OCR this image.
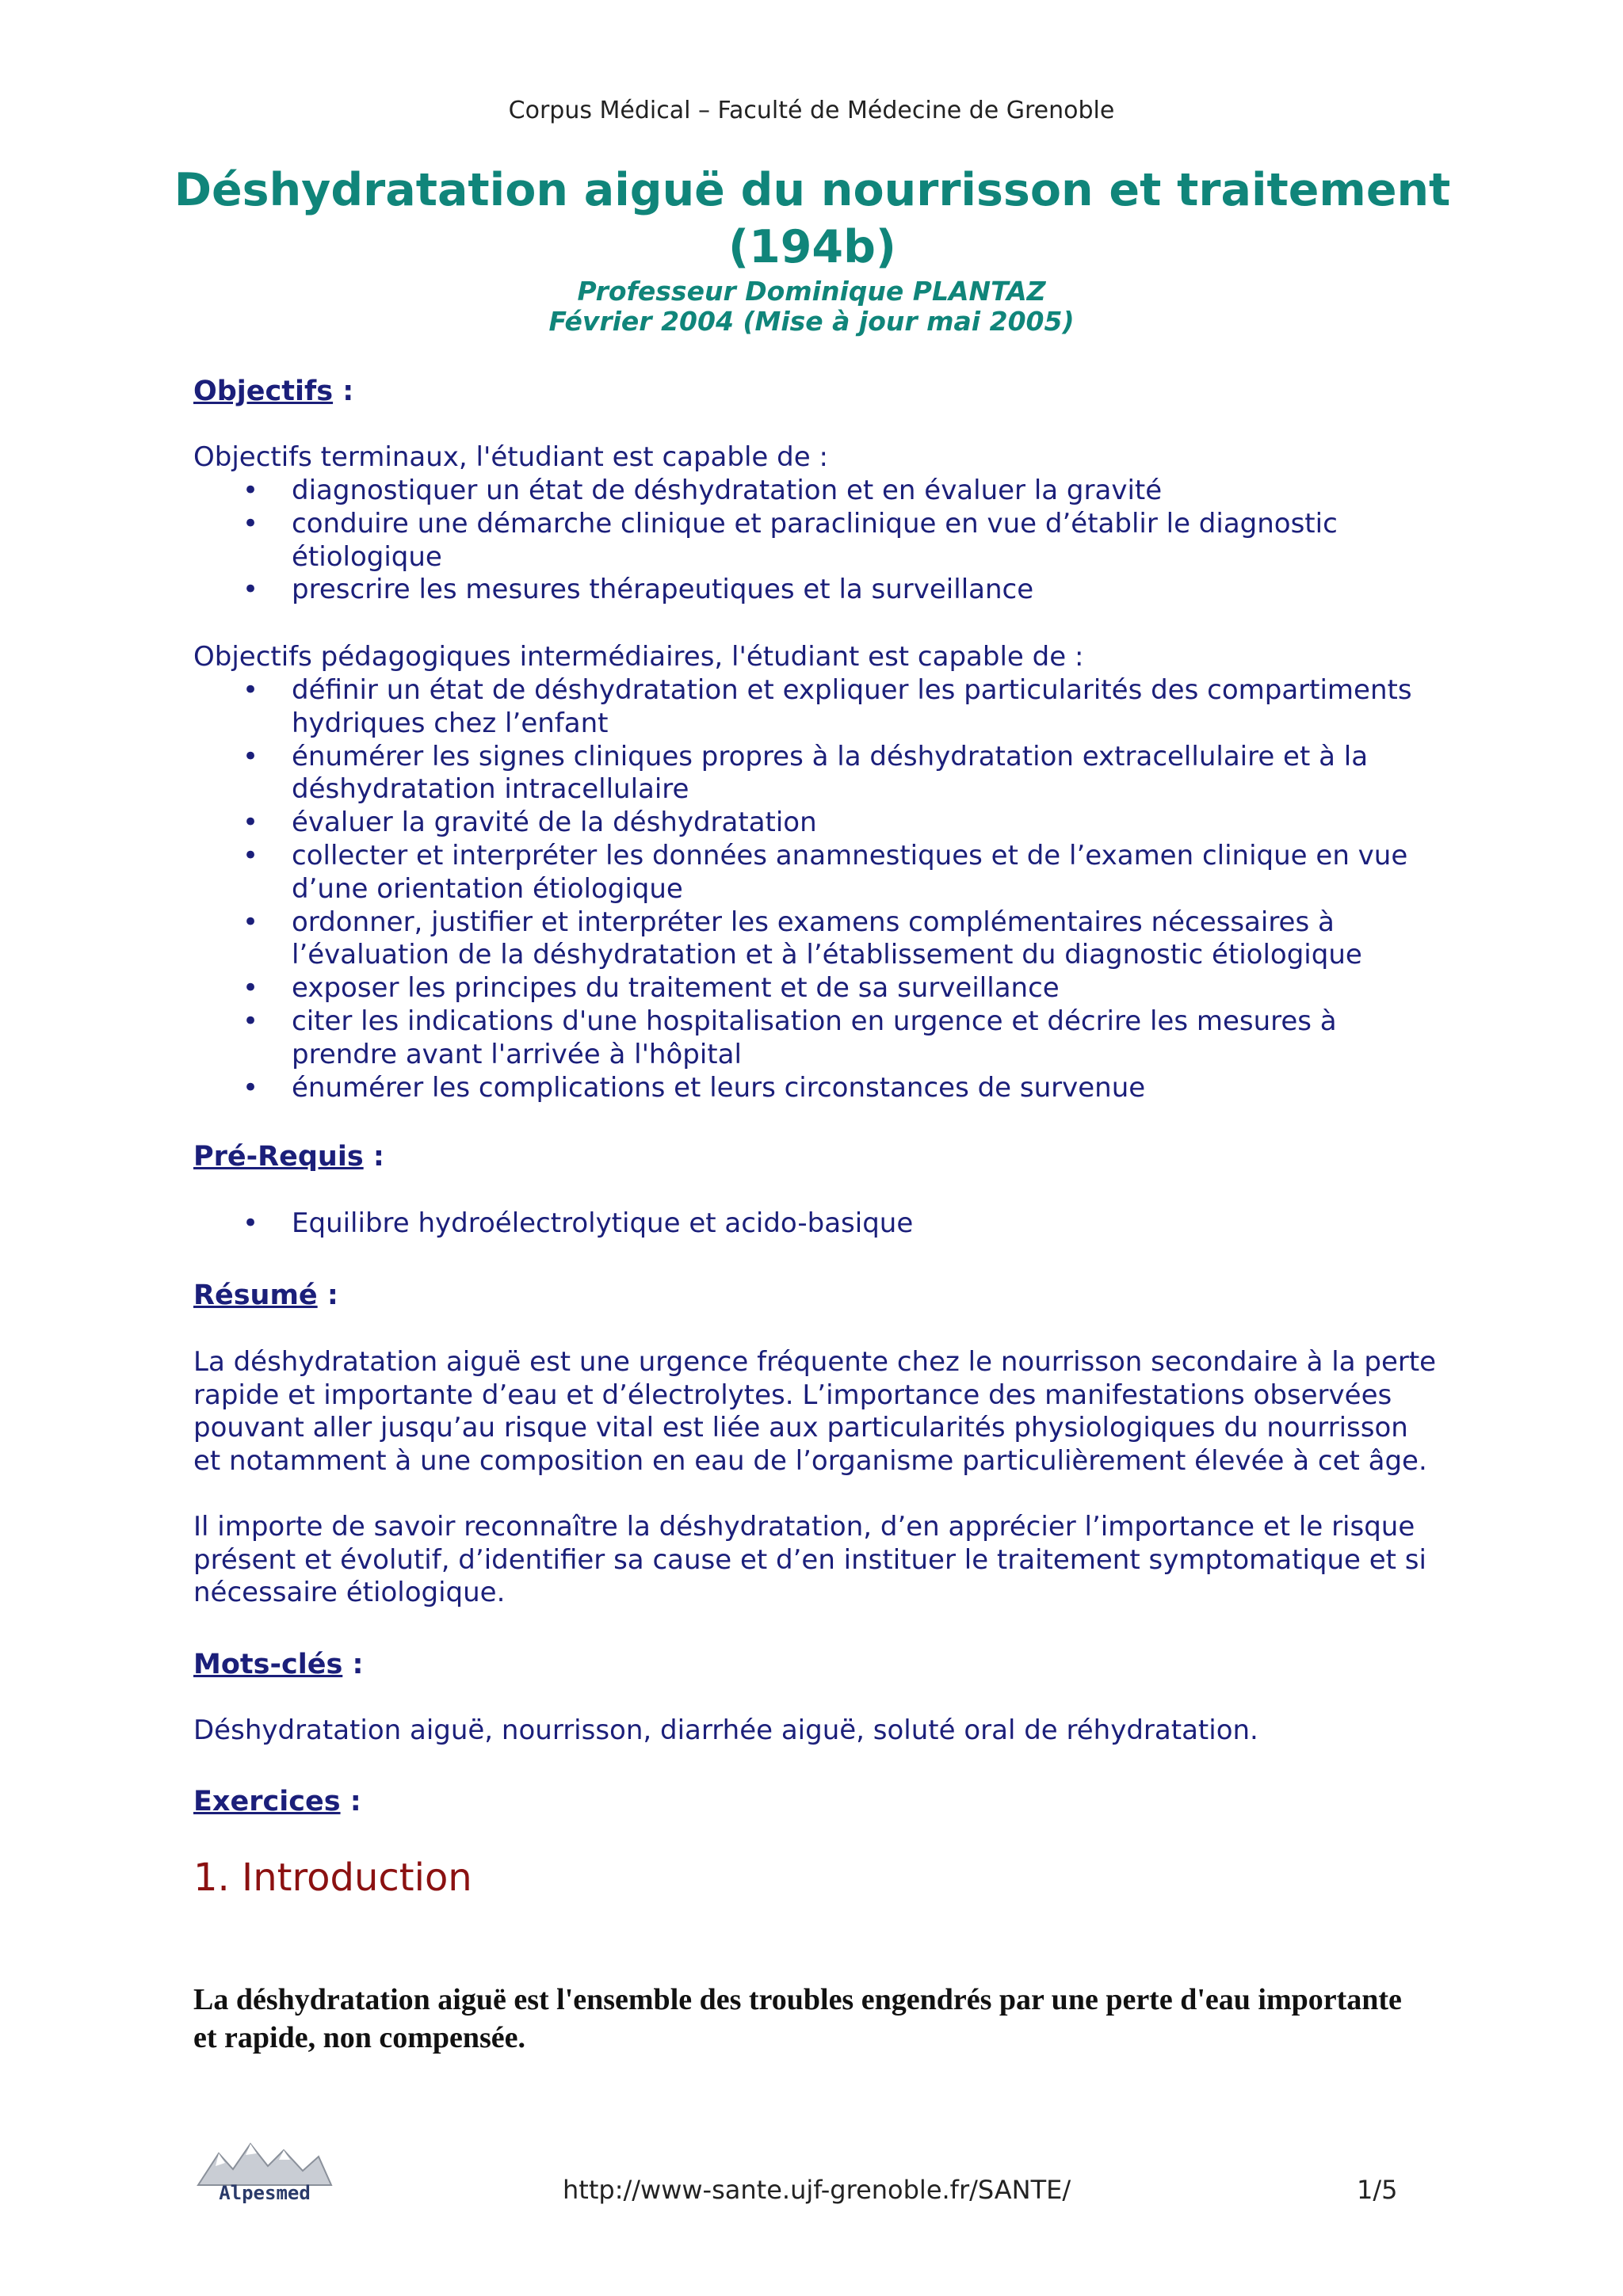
Corpus Médical – Faculté de Médecine de Grenoble
Déshydratation aiguë du nourrisson et traitement
(194b)
Professeur Dominique PLANTAZ
Février 2004 (Mise à jour mai 2005)
Objectifs :
Objectifs terminaux, l'étudiant est capable de :
• diagnostiquer un état de déshydratation et en évaluer la gravité
• conduire une démarche clinique et paraclinique en vue d’établir le diagnostic étiologique
• prescrire les mesures thérapeutiques et la surveillance
Objectifs pédagogiques intermédiaires, l'étudiant est capable de :
• définir un état de déshydratation et expliquer les particularités des compartiments hydriques chez l’enfant
• énumérer les signes cliniques propres à la déshydratation extracellulaire et à la déshydratation intracellulaire
• évaluer la gravité de la déshydratation
• collecter et interpréter les données anamnestiques et de l’examen clinique en vue d’une orientation étiologique
• ordonner, justifier et interpréter les examens complémentaires nécessaires à l’évaluation de la déshydratation et à l’établissement du diagnostic étiologique
• exposer les principes du traitement et de sa surveillance
• citer les indications d'une hospitalisation en urgence et décrire les mesures à prendre avant l'arrivée à l'hôpital
• énumérer les complications et leurs circonstances de survenue
Pré-Requis :
• Equilibre hydroélectrolytique et acido-basique
Résumé :
La déshydratation aiguë est une urgence fréquente chez le nourrisson secondaire à la perte rapide et importante d’eau et d’électrolytes. L’importance des manifestations observées pouvant aller jusqu’au risque vital est liée aux particularités physiologiques du nourrisson et notamment à une composition en eau de l’organisme particulièrement élevée à cet âge.
Il importe de savoir reconnaître la déshydratation, d’en apprécier l’importance et le risque présent et évolutif, d’identifier sa cause et d’en instituer le traitement symptomatique et si nécessaire étiologique.
Mots-clés :
Déshydratation aiguë, nourrisson, diarrhée aiguë, soluté oral de réhydratation.
Exercices :
1. Introduction

La déshydratation aiguë est l'ensemble des troubles engendrés par une perte d'eau importante et rapide, non compensée.

Alpesmed	http://www-sante.ujf-grenoble.fr/SANTE/	1/5
